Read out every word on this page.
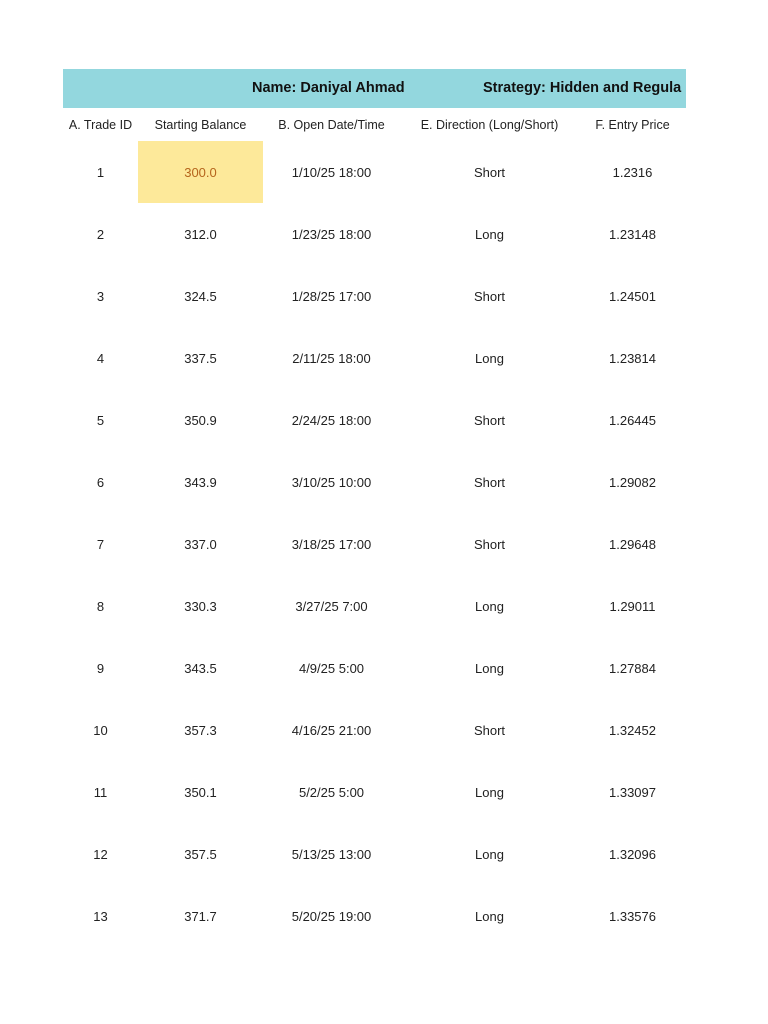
Name: Daniyal Ahmad	Strategy: Hidden and Regula
A. Trade ID	Starting Balance	B. Open Date/Time	E. Direction (Long/Short)	F. Entry Price
1	300.0	1/10/25 18:00	Short	1.2316
2	312.0	1/23/25 18:00	Long	1.23148
3	324.5	1/28/25 17:00	Short	1.24501
4	337.5	2/11/25 18:00	Long	1.23814
5	350.9	2/24/25 18:00	Short	1.26445
6	343.9	3/10/25 10:00	Short	1.29082
7	337.0	3/18/25 17:00	Short	1.29648
8	330.3	3/27/25 7:00	Long	1.29011
9	343.5	4/9/25 5:00	Long	1.27884
10	357.3	4/16/25 21:00	Short	1.32452
11	350.1	5/2/25 5:00	Long	1.33097
12	357.5	5/13/25 13:00	Long	1.32096
13	371.7	5/20/25 19:00	Long	1.33576
